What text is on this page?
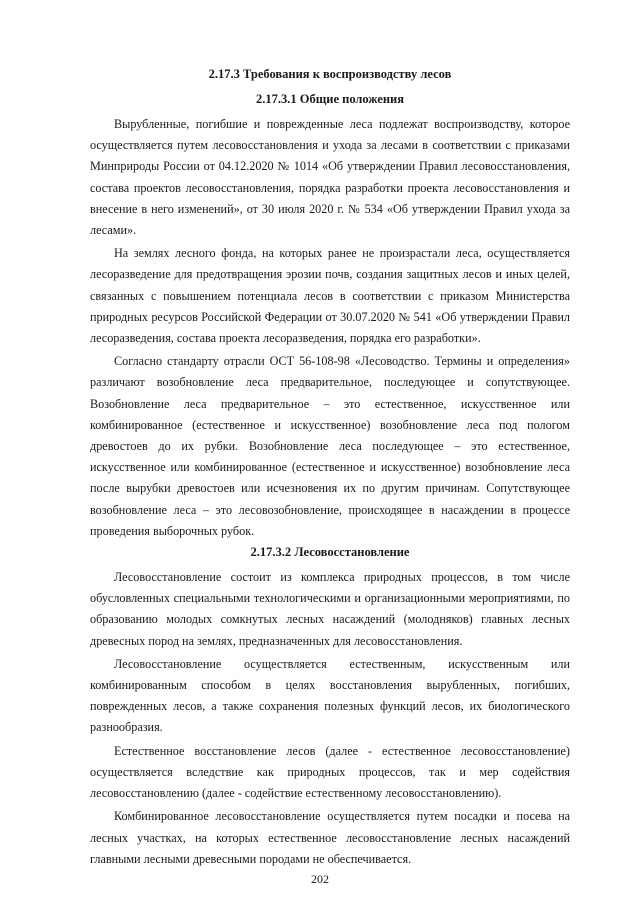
2.17.3 Требования к воспроизводству лесов
2.17.3.1 Общие положения

Вырубленные, погибшие и поврежденные леса подлежат воспроизводству, которое осуществляется путем лесовосстановления и ухода за лесами в соответствии с приказами Минприроды России от 04.12.2020 № 1014 «Об утверждении Правил лесовосстановления, состава проектов лесовосстановления, порядка разработки проекта лесовосстановления и внесение в него изменений», от 30 июля 2020 г. № 534 «Об утверждении Правил ухода за лесами».

На землях лесного фонда, на которых ранее не произрастали леса, осуществляется лесоразведение для предотвращения эрозии почв, создания защитных лесов и иных целей, связанных с повышением потенциала лесов в соответствии с приказом Министерства природных ресурсов Российской Федерации от 30.07.2020 № 541 «Об утверждении Правил лесоразведения, состава проекта лесоразведения, порядка его разработки».

Согласно стандарту отрасли ОСТ 56-108-98 «Лесоводство. Термины и определения» различают возобновление леса предварительное, последующее и сопутствующее. Возобновление леса предварительное – это естественное, искусственное или комбинированное (естественное и искусственное) возобновление леса под пологом древостоев до их рубки. Возобновление леса последующее – это естественное, искусственное или комбинированное (естественное и искусственное) возобновление леса после вырубки древостоев или исчезновения их по другим причинам. Сопутствующее возобновление леса – это лесовозобновление, происходящее в насаждении в процессе проведения выборочных рубок.

2.17.3.2 Лесовосстановление

Лесовосстановление состоит из комплекса природных процессов, в том числе обусловленных специальными технологическими и организационными мероприятиями, по образованию молодых сомкнутых лесных насаждений (молодняков) главных лесных древесных пород на землях, предназначенных для лесовосстановления.

Лесовосстановление осуществляется естественным, искусственным или комбинированным способом в целях восстановления вырубленных, погибших, поврежденных лесов, а также сохранения полезных функций лесов, их биологического разнообразия.

Естественное восстановление лесов (далее - естественное лесовосстановление) осуществляется вследствие как природных процессов, так и мер содействия лесовосстановлению (далее - содействие естественному лесовосстановлению).

Комбинированное лесовосстановление осуществляется путем посадки и посева на лесных участках, на которых естественное лесовосстановление лесных насаждений главными лесными древесными породами не обеспечивается.

202
